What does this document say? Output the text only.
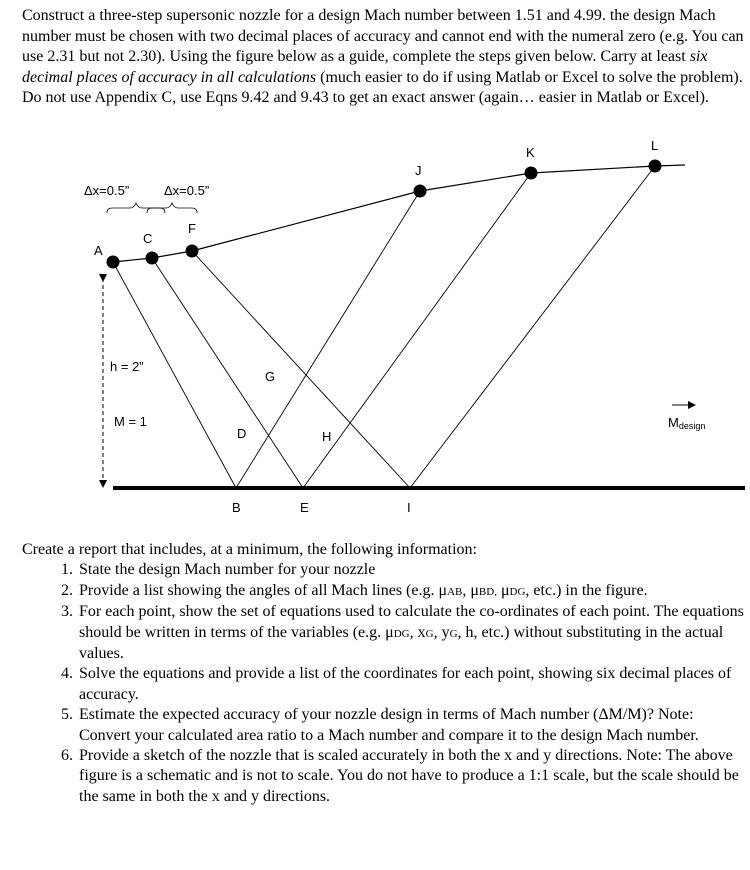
Construct a three-step supersonic nozzle for a design Mach number between 1.51 and 4.99. the design Mach number must be chosen with two decimal places of accuracy and cannot end with the numeral zero (e.g. You can use 2.31 but not 2.30). Using the figure below as a guide, complete the steps given below. Carry at least six decimal places of accuracy in all calculations (much easier to do if using Matlab or Excel to solve the problem). Do not use Appendix C, use Eqns 9.42 and 9.43 to get an exact answer (again… easier in Matlab or Excel).
A
C
F
J
K	L
G
D	H
B	E	I
Δx=0.5”	Δx=0.5”
h = 2”
M = 1	Mdesign
Create a report that includes, at a minimum, the following information:
1. State the design Mach number for your nozzle
2. Provide a list showing the angles of all Mach lines (e.g. μAB, μBD, μDG, etc.) in the figure.
3. For each point, show the set of equations used to calculate the co-ordinates of each point. The equations should be written in terms of the variables (e.g. μDG, xG, yG, h, etc.) without substituting in the actual values.
4. Solve the equations and provide a list of the coordinates for each point, showing six decimal places of accuracy.
5. Estimate the expected accuracy of your nozzle design in terms of Mach number (ΔM/M)? Note: Convert your calculated area ratio to a Mach number and compare it to the design Mach number.
6. Provide a sketch of the nozzle that is scaled accurately in both the x and y directions. Note: The above figure is a schematic and is not to scale. You do not have to produce a 1:1 scale, but the scale should be the same in both the x and y directions.
